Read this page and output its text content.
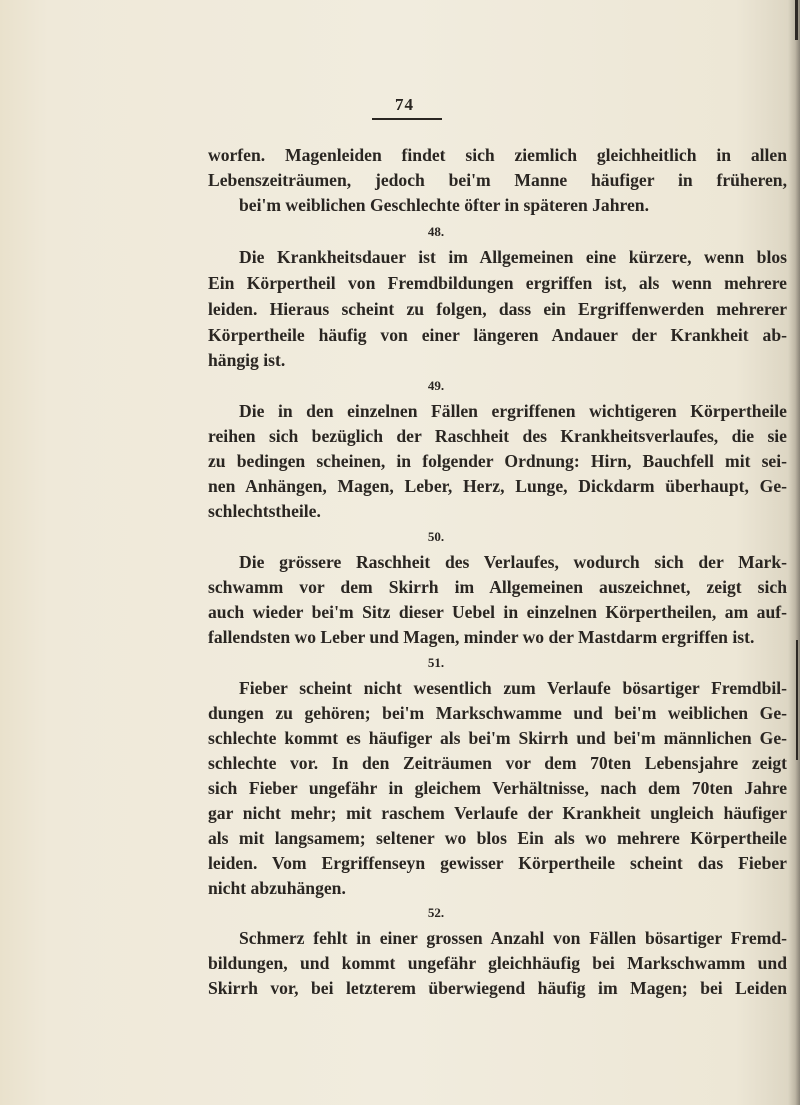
74
worfen. Magenleiden findet sich ziemlich gleichheitlich in allen
Lebenszeiträumen, jedoch bei'm Manne häufiger in früheren,
bei'm weiblichen Geschlechte öfter in späteren Jahren.
48.
Die Krankheitsdauer ist im Allgemeinen eine kürzere, wenn blos
Ein Körpertheil von Fremdbildungen ergriffen ist, als wenn mehrere
leiden. Hieraus scheint zu folgen, dass ein Ergriffenwerden mehrerer
Körpertheile häufig von einer längeren Andauer der Krankheit ab-
hängig ist.
49.
Die in den einzelnen Fällen ergriffenen wichtigeren Körpertheile
reihen sich bezüglich der Raschheit des Krankheitsverlaufes, die sie
zu bedingen scheinen, in folgender Ordnung: Hirn, Bauchfell mit sei-
nen Anhängen, Magen, Leber, Herz, Lunge, Dickdarm überhaupt, Ge-
schlechtstheile.
50.
Die grössere Raschheit des Verlaufes, wodurch sich der Mark-
schwamm vor dem Skirrh im Allgemeinen auszeichnet, zeigt sich
auch wieder bei'm Sitz dieser Uebel in einzelnen Körpertheilen, am auf-
fallendsten wo Leber und Magen, minder wo der Mastdarm ergriffen ist.
51.
Fieber scheint nicht wesentlich zum Verlaufe bösartiger Fremdbil-
dungen zu gehören; bei'm Markschwamme und bei'm weiblichen Ge-
schlechte kommt es häufiger als bei'm Skirrh und bei'm männlichen Ge-
schlechte vor. In den Zeiträumen vor dem 70ten Lebensjahre zeigt
sich Fieber ungefähr in gleichem Verhältnisse, nach dem 70ten Jahre
gar nicht mehr; mit raschem Verlaufe der Krankheit ungleich häufiger
als mit langsamem; seltener wo blos Ein als wo mehrere Körpertheile
leiden. Vom Ergriffenseyn gewisser Körpertheile scheint das Fieber
nicht abzuhängen.
52.
Schmerz fehlt in einer grossen Anzahl von Fällen bösartiger Fremd-
bildungen, und kommt ungefähr gleichhäufig bei Markschwamm und
Skirrh vor, bei letzterem überwiegend häufig im Magen; bei Leiden
